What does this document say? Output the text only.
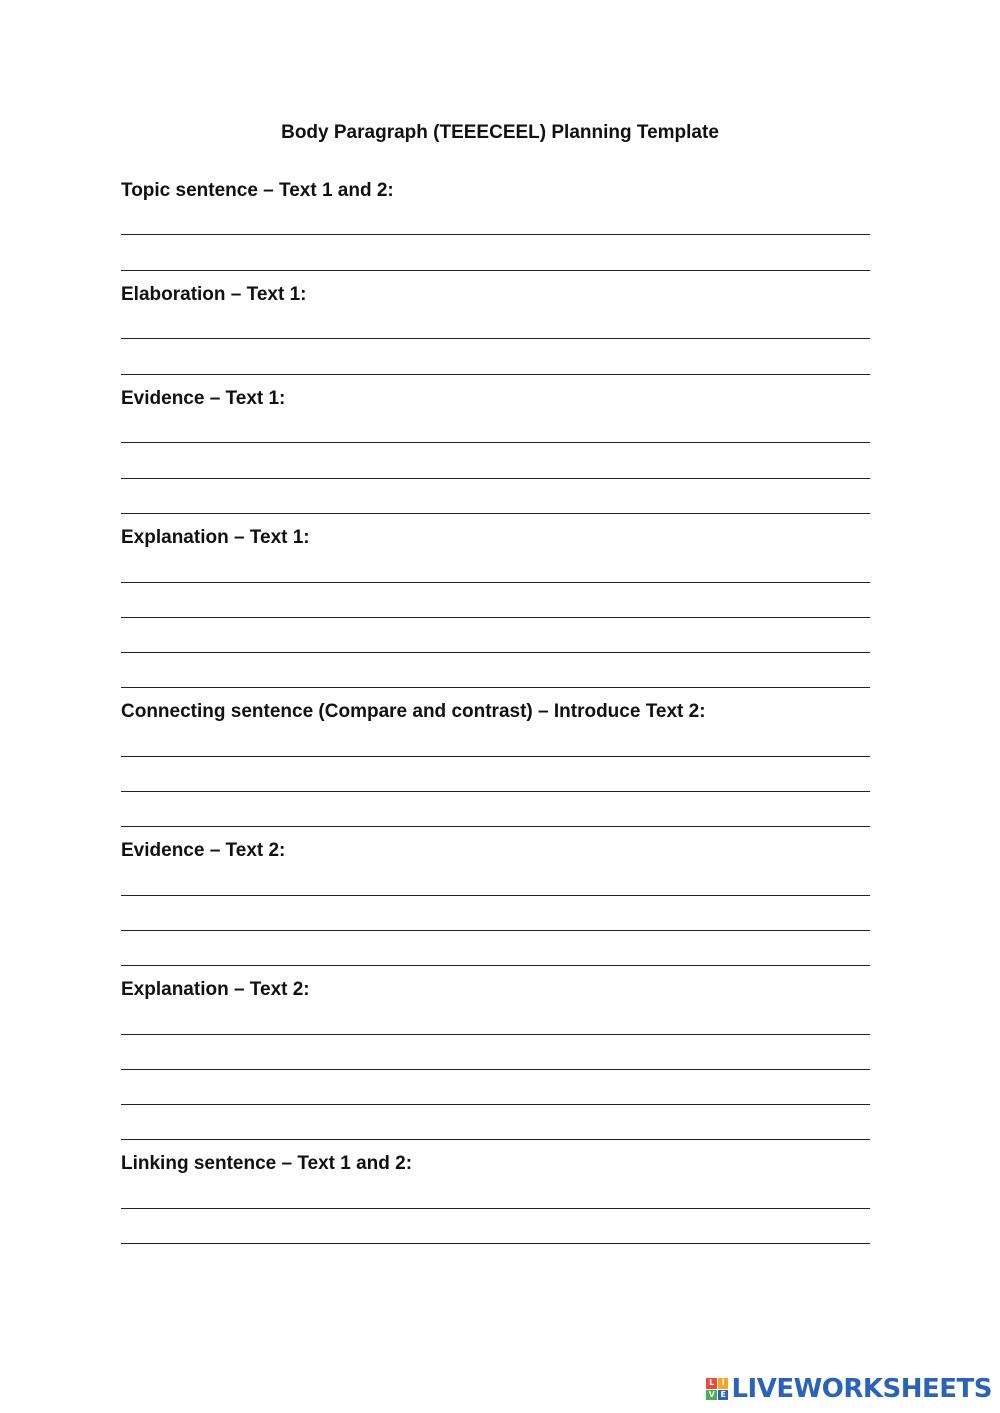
Body Paragraph (TEEECEEL) Planning Template
Topic sentence – Text 1 and 2:
Elaboration – Text 1:
Evidence – Text 1:
Explanation – Text 1:
Connecting sentence (Compare and contrast) – Introduce Text 2:
Evidence – Text 2:
Explanation – Text 2:
Linking sentence – Text 1 and 2:
L I
V E LIVEWORKSHEETS
